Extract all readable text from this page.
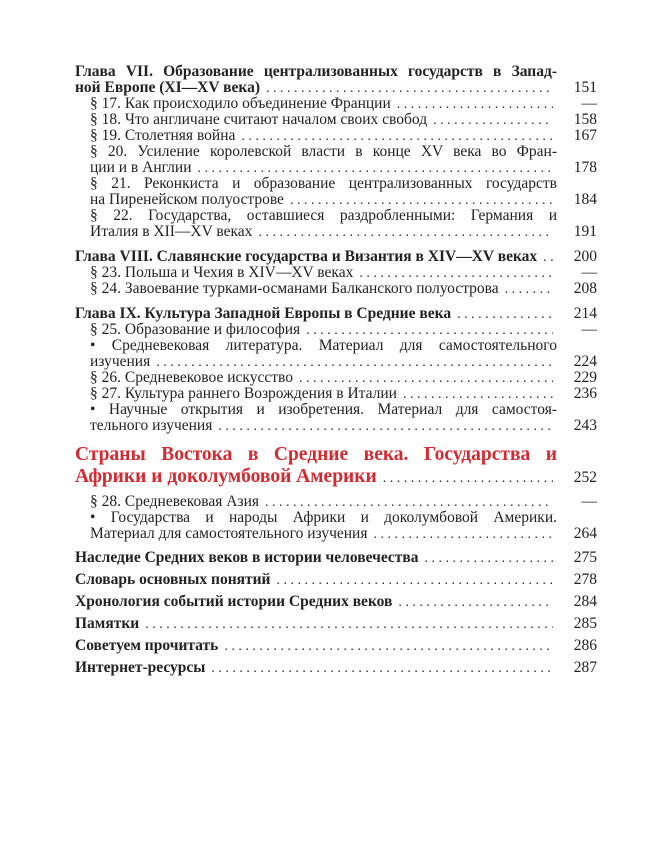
Глава VII. Образование централизованных государств в Запад-
ной Европе (XI—XV века) . . .	151
§ 17. Как происходило объединение Франции . . .	—
§ 18. Что англичане считают началом своих свобод . . .	158
§ 19. Столетняя война . . .	167
§ 20. Усиление королевской власти в конце XV века во Фран-
ции и в Англии . . .	178
§ 21. Реконкиста и образование централизованных государств
на Пиренейском полуострове . . .	184
§ 22. Государства, оставшиеся раздробленными: Германия и
Италия в XII—XV веках . . .	191
Глава VIII. Славянские государства и Византия в XIV—XV веках . . .	200
§ 23. Польша и Чехия в XIV—XV веках . . .	—
§ 24. Завоевание турками-османами Балканского полуострова . . .	208
Глава IX. Культура Западной Европы в Средние века . . .	214
§ 25. Образование и философия . . .	—
• Средневековая литература. Материал для самостоятельного
изучения . . .	224
§ 26. Средневековое искусство . . .	229
§ 27. Культура раннего Возрождения в Италии . . .	236
• Научные открытия и изобретения. Материал для самостоя-
тельного изучения . . .	243
Страны Востока в Средние века. Государства и
Африки и доколумбовой Америки . . .	252
§ 28. Средневековая Азия . . .	—
• Государства и народы Африки и доколумбовой Америки.
Материал для самостоятельного изучения . . .	264
Наследие Средних веков в истории человечества . . .	275
Словарь основных понятий . . .	278
Хронология событий истории Средних веков . . .	284
Памятки . . .	285
Советуем прочитать . . .	286
Интернет-ресурсы . . .	287
